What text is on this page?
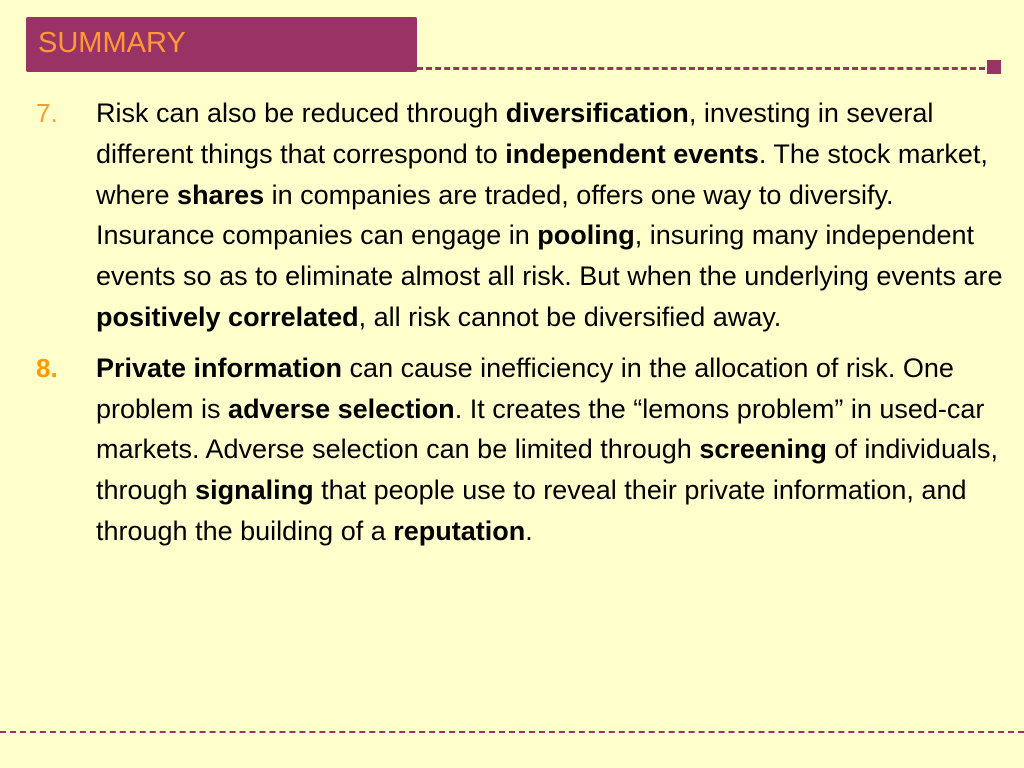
SUMMARY
7. Risk can also be reduced through diversification, investing in several different things that correspond to independent events. The stock market, where shares in companies are traded, offers one way to diversify. Insurance companies can engage in pooling, insuring many independent events so as to eliminate almost all risk. But when the underlying events are positively correlated, all risk cannot be diversified away.
8. Private information can cause inefficiency in the allocation of risk. One problem is adverse selection. It creates the “lemons problem” in used-car markets. Adverse selection can be limited through screening of individuals, through signaling that people use to reveal their private information, and through the building of a reputation.
